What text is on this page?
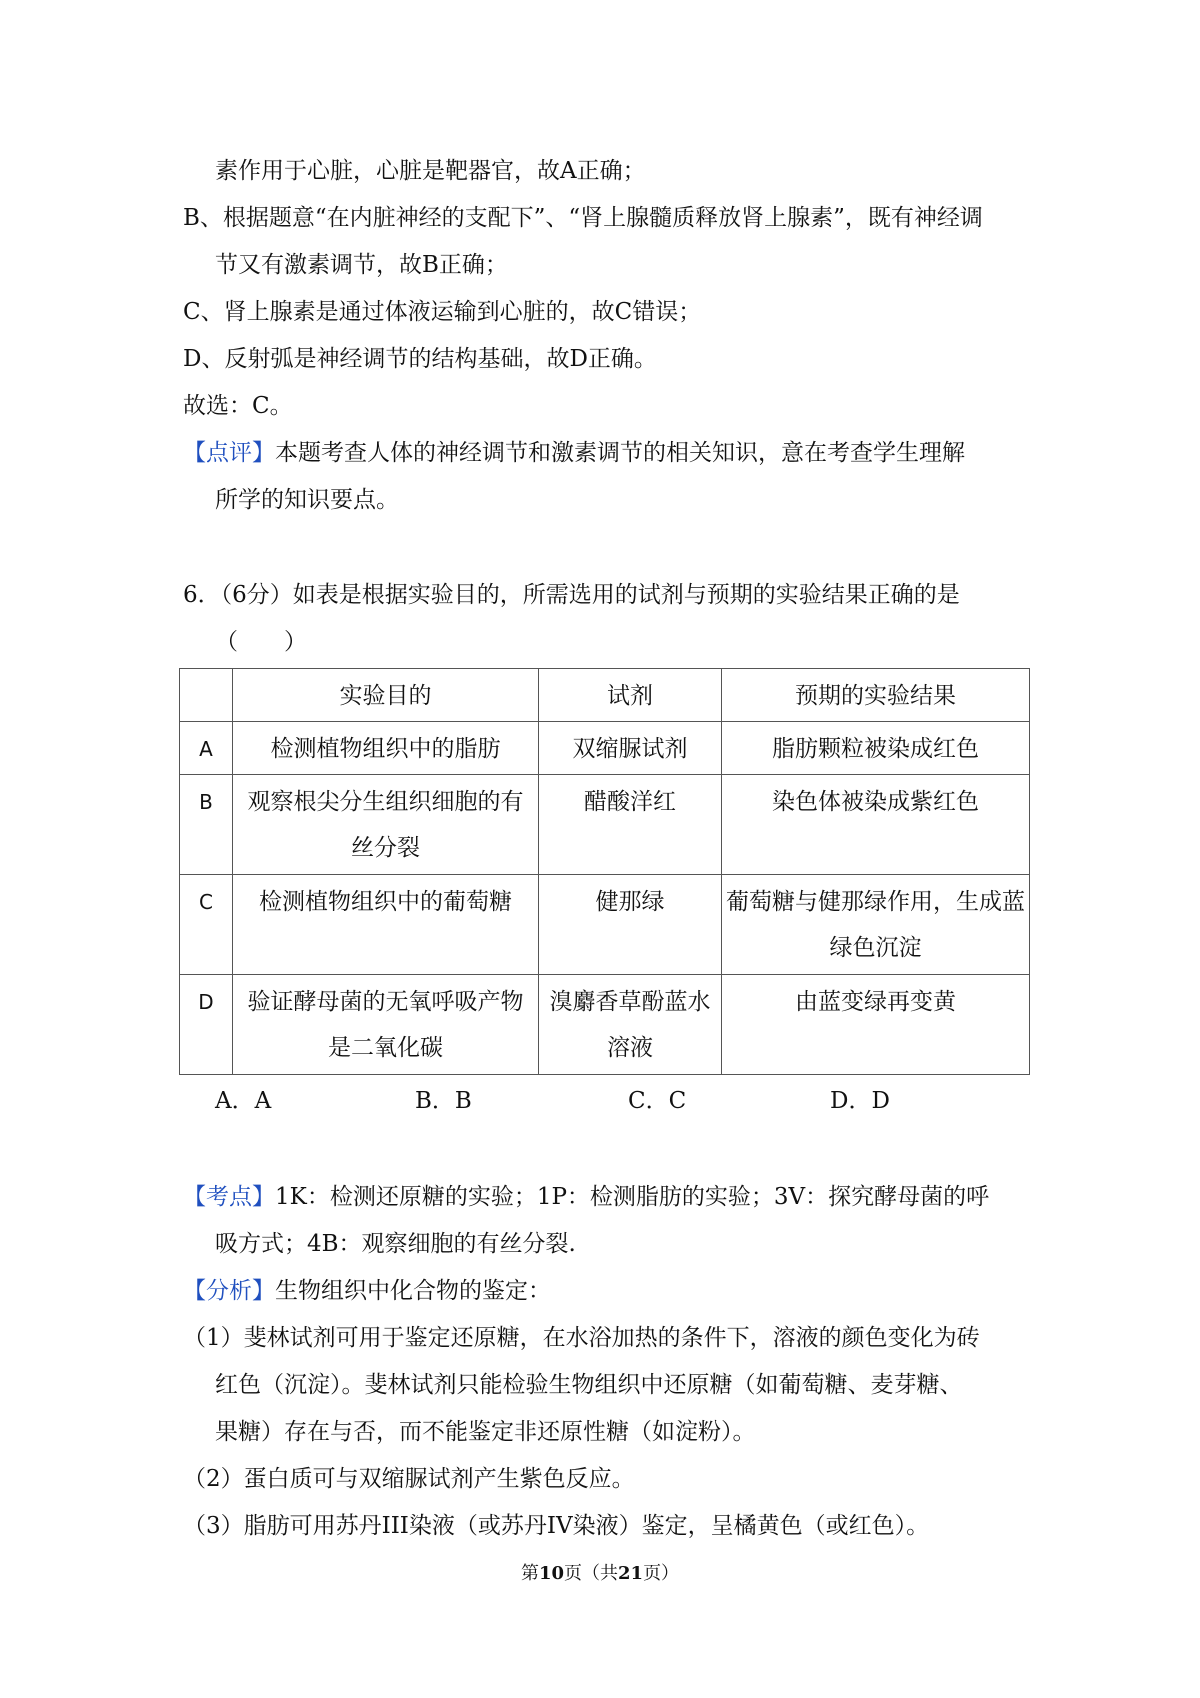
素作用于心脏，心脏是靶器官，故A正确；
B、根据题意“在内脏神经的支配下”、“肾上腺髓质释放肾上腺素”，既有神经调
节又有激素调节，故B正确；
C、肾上腺素是通过体液运输到心脏的，故C错误；
D、反射弧是神经调节的结构基础，故D正确。
故选：C。
【点评】本题考查人体的神经调节和激素调节的相关知识，意在考查学生理解
所学的知识要点。
6．（6分）如表是根据实验目的，所需选用的试剂与预期的实验结果正确的是
（　　）
	实验目的	试剂	预期的实验结果
A	检测植物组织中的脂肪	双缩脲试剂	脂肪颗粒被染成红色
B	观察根尖分生组织细胞的有丝分裂	醋酸洋红	染色体被染成紫红色
C	检测植物组织中的葡萄糖	健那绿	葡萄糖与健那绿作用，生成蓝绿色沉淀
D	验证酵母菌的无氧呼吸产物是二氧化碳	溴麝香草酚蓝水溶液	由蓝变绿再变黄
A．A	B．B	C．C	D．D
【考点】1K：检测还原糖的实验；1P：检测脂肪的实验；3V：探究酵母菌的呼
吸方式；4B：观察细胞的有丝分裂.
【分析】生物组织中化合物的鉴定：
（1）斐林试剂可用于鉴定还原糖，在水浴加热的条件下，溶液的颜色变化为砖
红色（沉淀）。斐林试剂只能检验生物组织中还原糖（如葡萄糖、麦芽糖、
果糖）存在与否，而不能鉴定非还原性糖（如淀粉）。
（2）蛋白质可与双缩脲试剂产生紫色反应。
（3）脂肪可用苏丹III染液（或苏丹IV染液）鉴定，呈橘黄色（或红色）。
第10页（共21页）
